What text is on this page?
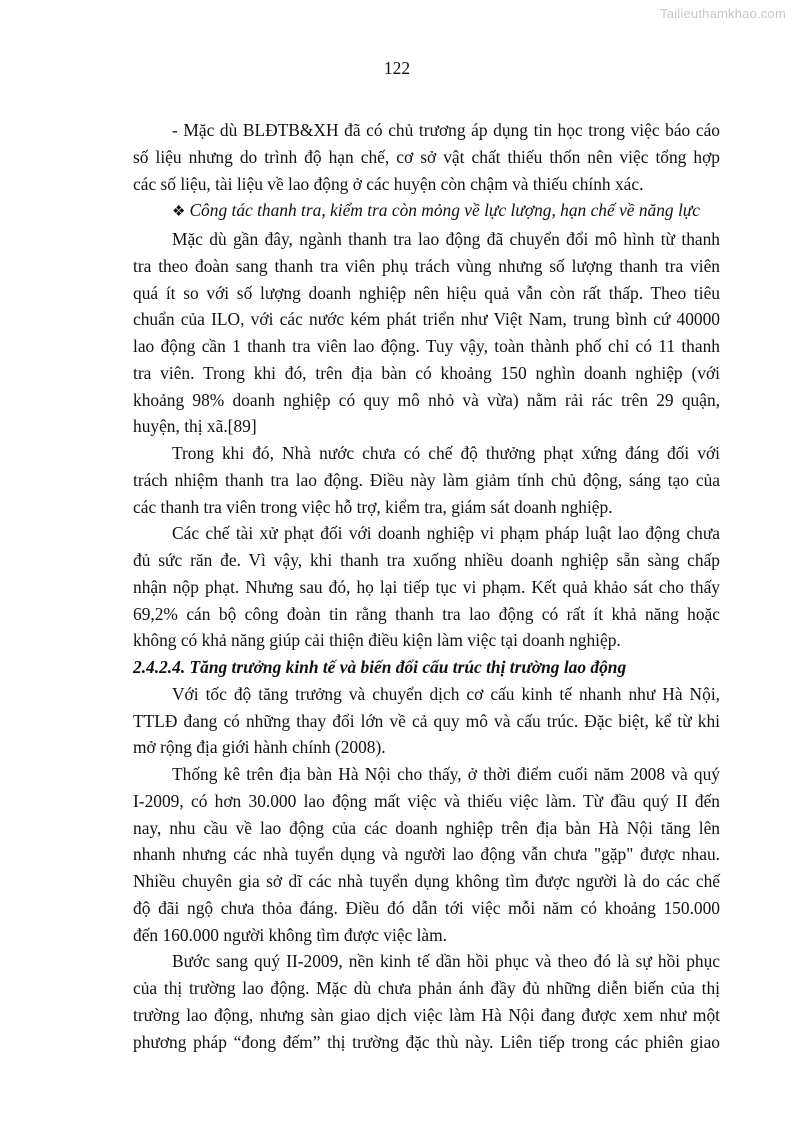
Tailieuthamkhao.com
122
- Mặc dù BLĐTB&XH đã có chủ trương áp dụng tin học trong việc báo cáo
số liệu nhưng do trình độ hạn chế, cơ sở vật chất thiếu thốn nên việc tổng hợp
các số liệu, tài liệu về lao động ở các huyện còn chậm và thiếu chính xác.
❖ Công tác thanh tra, kiểm tra còn mỏng về lực lượng, hạn chế về năng lực
Mặc dù gần đây, ngành thanh tra lao động đã chuyển đổi mô hình từ thanh
tra theo đoàn sang thanh tra viên phụ trách vùng nhưng số lượng thanh tra viên
quá ít so với số lượng doanh nghiệp nên hiệu quả vẫn còn rất thấp. Theo tiêu
chuẩn của ILO, với các nước kém phát triển như Việt Nam, trung bình cứ 40000
lao động cần 1 thanh tra viên lao động. Tuy vậy, toàn thành phố chỉ có 11 thanh
tra viên. Trong khi đó, trên địa bàn có khoảng 150 nghìn doanh nghiệp (với
khoảng 98% doanh nghiệp có quy mô nhỏ và vừa) nằm rải rác trên 29 quận,
huyện, thị xã.[89]
Trong khi đó, Nhà nước chưa có chế độ thưởng phạt xứng đáng đối với
trách nhiệm thanh tra lao động. Điều này làm giảm tính chủ động, sáng tạo của
các thanh tra viên trong việc hỗ trợ, kiểm tra, giám sát doanh nghiệp.
Các chế tài xử phạt đối với doanh nghiệp vi phạm pháp luật lao động chưa
đủ sức răn đe. Vì vậy, khi thanh tra xuống nhiều doanh nghiệp sẵn sàng chấp
nhận nộp phạt. Nhưng sau đó, họ lại tiếp tục vi phạm. Kết quả khảo sát cho thấy
69,2% cán bộ công đoàn tin rằng thanh tra lao động có rất ít khả năng hoặc
không có khả năng giúp cải thiện điều kiện làm việc tại doanh nghiệp.
2.4.2.4. Tăng trưởng kinh tế và biến đổi cấu trúc thị trường lao động
Với tốc độ tăng trưởng và chuyển dịch cơ cấu kinh tế nhanh như Hà Nội,
TTLĐ đang có những thay đổi lớn về cả quy mô và cấu trúc. Đặc biệt, kể từ khi
mở rộng địa giới hành chính (2008).
Thống kê trên địa bàn Hà Nội cho thấy, ở thời điểm cuối năm 2008 và quý
I-2009, có hơn 30.000 lao động mất việc và thiếu việc làm. Từ đầu quý II đến
nay, nhu cầu về lao động của các doanh nghiệp trên địa bàn Hà Nội tăng lên
nhanh nhưng các nhà tuyển dụng và người lao động vẫn chưa "gặp" được nhau.
Nhiều chuyên gia sở dĩ các nhà tuyển dụng không tìm được người là do các chế
độ đãi ngộ chưa thỏa đáng. Điều đó dẫn tới việc mỗi năm có khoảng 150.000
đến 160.000 người không tìm được việc làm.
Bước sang quý II-2009, nền kinh tế dần hồi phục và theo đó là sự hồi phục
của thị trường lao động. Mặc dù chưa phản ánh đầy đủ những diễn biến của thị
trường lao động, nhưng sàn giao dịch việc làm Hà Nội đang được xem như một
phương pháp “đong đếm” thị trường đặc thù này. Liên tiếp trong các phiên giao
